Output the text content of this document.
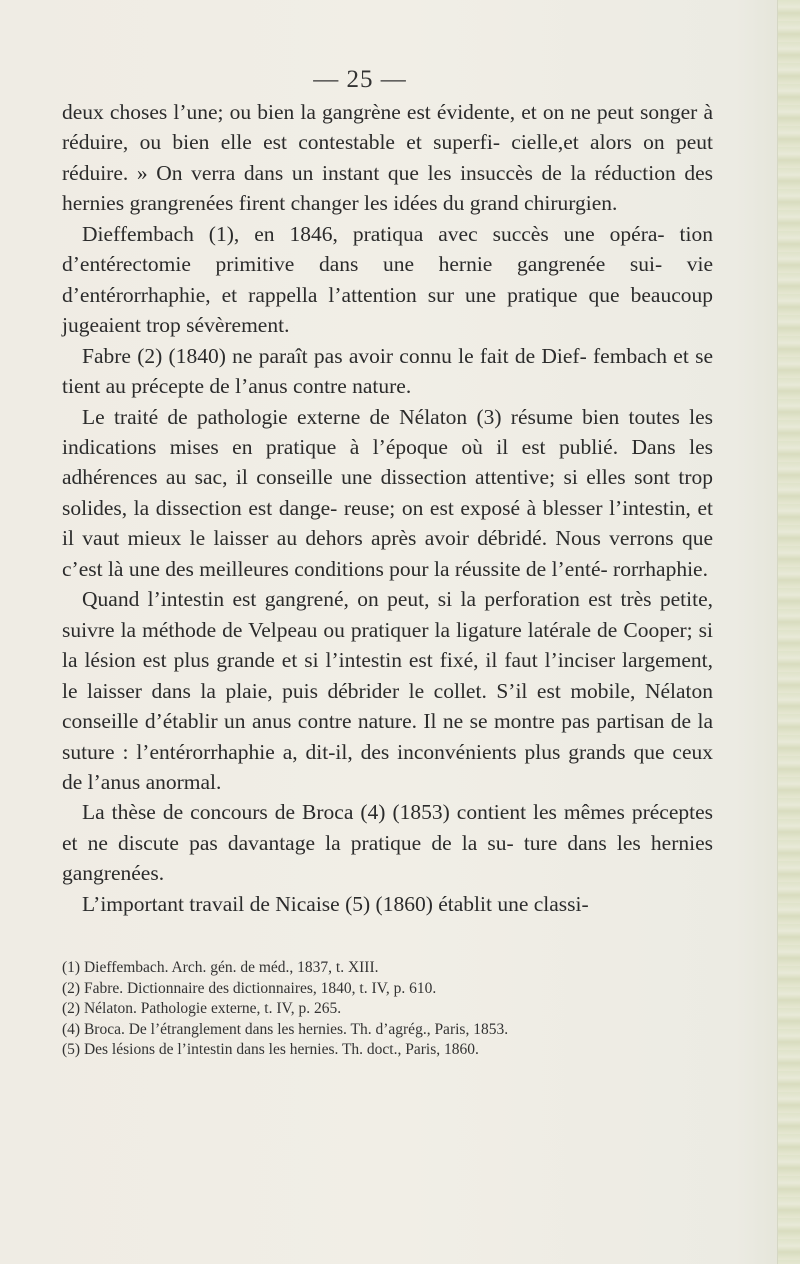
— 25 —

deux choses l’une; ou bien la gangrène est évidente, et on ne peut songer à réduire, ou bien elle est contestable et superfi- cielle,et alors on peut réduire. » On verra dans un instant que les insuccès de la réduction des hernies grangrenées firent changer les idées du grand chirurgien.

Dieffembach (1), en 1846, pratiqua avec succès une opéra- tion d’entérectomie primitive dans une hernie gangrenée sui- vie d’entérorrhaphie, et rappella l’attention sur une pratique que beaucoup jugeaient trop sévèrement.

Fabre (2) (1840) ne paraît pas avoir connu le fait de Dief- fembach et se tient au précepte de l’anus contre nature.

Le traité de pathologie externe de Nélaton (3) résume bien toutes les indications mises en pratique à l’époque où il est publié. Dans les adhérences au sac, il conseille une dissection attentive; si elles sont trop solides, la dissection est dange- reuse; on est exposé à blesser l’intestin, et il vaut mieux le laisser au dehors après avoir débridé. Nous verrons que c’est là une des meilleures conditions pour la réussite de l’enté- rorrhaphie.

Quand l’intestin est gangrené, on peut, si la perforation est très petite, suivre la méthode de Velpeau ou pratiquer la ligature latérale de Cooper; si la lésion est plus grande et si l’intestin est fixé, il faut l’inciser largement, le laisser dans la plaie, puis débrider le collet. S’il est mobile, Nélaton conseille d’établir un anus contre nature. Il ne se montre pas partisan de la suture : l’entérorrhaphie a, dit-il, des inconvénients plus grands que ceux de l’anus anormal.

La thèse de concours de Broca (4) (1853) contient les mêmes préceptes et ne discute pas davantage la pratique de la su- ture dans les hernies gangrenées.

L’important travail de Nicaise (5) (1860) établit une classi-

(1) Dieffembach. Arch. gén. de méd., 1837, t. XIII.

(2) Fabre. Dictionnaire des dictionnaires, 1840, t. IV, p. 610.

(2) Nélaton. Pathologie externe, t. IV, p. 265.

(4) Broca. De l’étranglement dans les hernies. Th. d’agrég., Paris, 1853.

(5) Des lésions de l’intestin dans les hernies. Th. doct., Paris, 1860.
